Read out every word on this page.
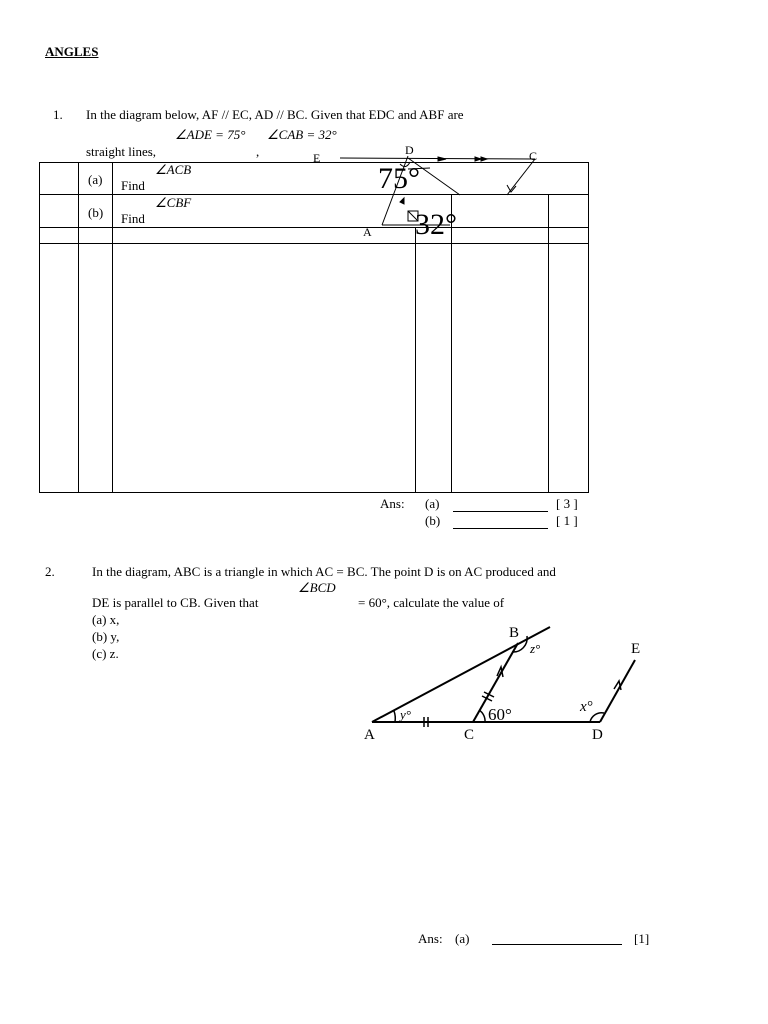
ANGLES
1. In the diagram below, AF // EC, AD // BC. Given that EDC and ABF are
∠ADE = 75° ∠CAB = 32°
straight lines,	,
(a)
∠ACB
Find
(b)
∠CBF
Find
D
E	C
A
75°
32°
Ans: (a)	[ 3 ]
(b)	[ 1 ]
2.	In the diagram, ABC is a triangle in which AC = BC. The point D is on AC produced and
∠BCD
DE is parallel to CB. Given that	= 60°, calculate the value of
(a) x,
(b) y,
(c) z.
A
B
C	D
E
y°
z°
x°
60°
Ans: (a)	[1]
